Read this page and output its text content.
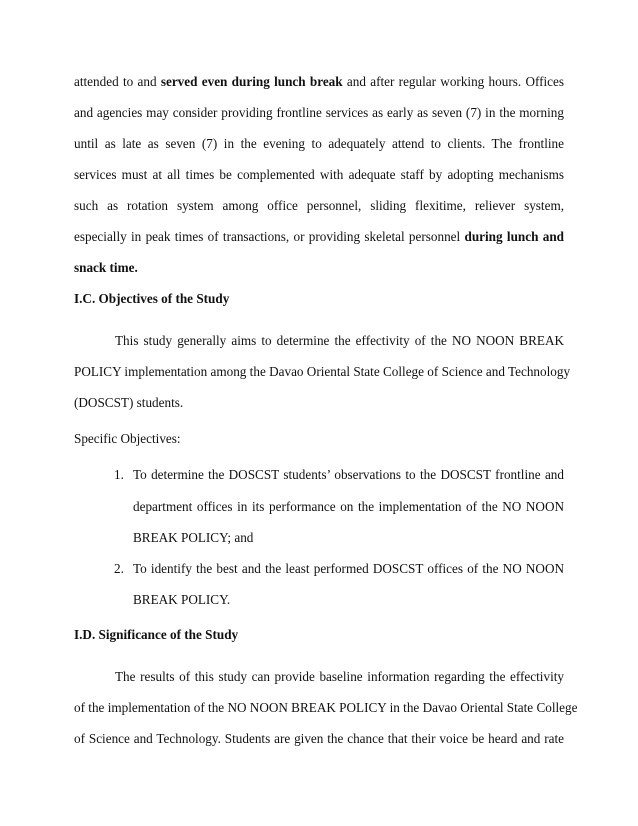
attended to and served even during lunch break and after regular working hours. Offices
and agencies may consider providing frontline services as early as seven (7) in the morning
until as late as seven (7) in the evening to adequately attend to clients. The frontline
services must at all times be complemented with adequate staff by adopting mechanisms
such as rotation system among office personnel, sliding flexitime, reliever system,
especially in peak times of transactions, or providing skeletal personnel during lunch and
snack time.
I.C. Objectives of the Study
This study generally aims to determine the effectivity of the NO NOON BREAK
POLICY implementation among the Davao Oriental State College of Science and Technology
(DOSCST) students.
Specific Objectives:
1. To determine the DOSCST students’ observations to the DOSCST frontline and
department offices in its performance on the implementation of the NO NOON
BREAK POLICY; and
2. To identify the best and the least performed DOSCST offices of the NO NOON
BREAK POLICY.
I.D. Significance of the Study
The results of this study can provide baseline information regarding the effectivity
of the implementation of the NO NOON BREAK POLICY in the Davao Oriental State College
of Science and Technology. Students are given the chance that their voice be heard and rate
